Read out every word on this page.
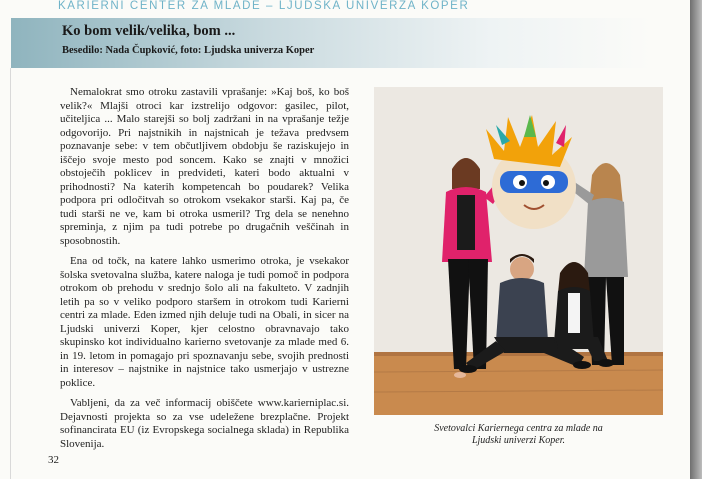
KARIERNI CENTER ZA MLADE – LJUDSKA UNIVERZA KOPER
Ko bom velik/velika, bom ...
Besedilo: Nada Čupković, foto: Ljudska univerza Koper

Nemalokrat smo otroku zastavili vprašanje: »Kaj boš, ko boš velik?« Mlajši otroci kar izstrelijo odgovor: gasilec, pilot, učiteljica ... Malo starejši so bolj zadržani in na vprašanje težje odgovorijo. Pri najstnikih in najstnicah je težava predvsem poznavanje sebe: v tem občutljivem obdobju še raziskujejo in iščejo svoje mesto pod soncem. Kako se znajti v množici obstoječih poklicev in predvideti, kateri bodo aktualni v prihodnosti? Na katerih kompetencah bo poudarek? Velika podpora pri odločitvah so otrokom vsekakor starši. Kaj pa, če tudi starši ne ve, kam bi otroka usmeril? Trg dela se nenehno spreminja, z njim pa tudi potrebe po drugačnih veščinah in sposobnostih.

Ena od točk, na katere lahko usmerimo otroka, je vsekakor šolska svetovalna služba, katere naloga je tudi pomoč in podpora otrokom ob prehodu v srednjo šolo ali na fakulteto. V zadnjih letih pa so v veliko podporo staršem in otrokom tudi Karierni centri za mlade. Eden izmed njih deluje tudi na Obali, in sicer na Ljudski univerzi Koper, kjer celostno obravnavajo tako skupinsko kot individualno karierno svetovanje za mlade med 6. in 19. letom in pomagajo pri spoznavanju sebe, svojih prednosti in interesov – najstnike in najstnice tako usmerjajo v ustrezne poklice.

Vabljeni, da za več informacij obiščete www.karierniplac.si. Dejavnosti projekta so za vse udeležene brezplačne. Projekt sofinancirata EU (iz Evropskega socialnega sklada) in Republika Slovenija.

Svetovalci Kariernega centra za mlade na
Ljudski univerzi Koper.
32
